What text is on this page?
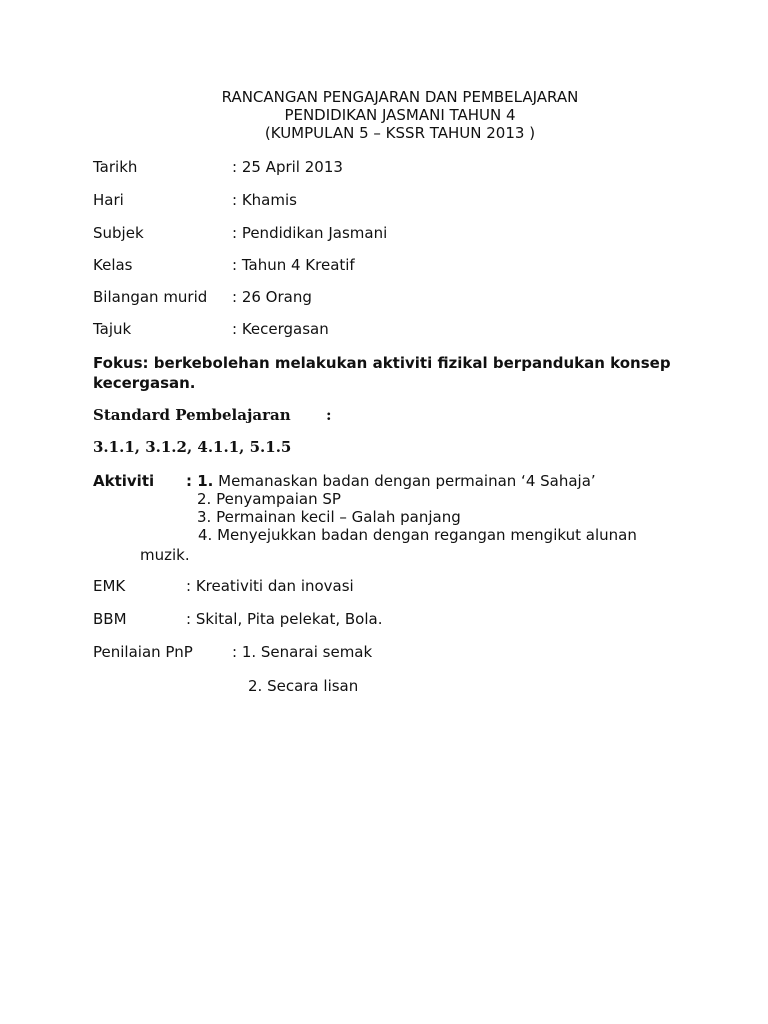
RANCANGAN PENGAJARAN DAN PEMBELAJARAN
PENDIDIKAN JASMANI TAHUN 4
(KUMPULAN 5 – KSSR TAHUN 2013 )
Tarikh	: 25 April 2013
Hari	: Khamis
Subjek	: Pendidikan Jasmani
Kelas	: Tahun 4 Kreatif
Bilangan murid : 26 Orang
Tajuk	: Kecergasan
Fokus: berkebolehan melakukan aktiviti fizikal berpandukan konsep
kecergasan.
Standard Pembelajaran :
3.1.1, 3.1.2, 4.1.1, 5.1.5
Aktiviti : 1. Memanaskan badan dengan permainan ‘4 Sahaja’
2. Penyampaian SP
3. Permainan kecil – Galah panjang
4. Menyejukkan badan dengan regangan mengikut alunan
muzik.
EMK	: Kreativiti dan inovasi
BBM	: Skital, Pita pelekat, Bola.
Penilaian PnP	: 1. Senarai semak
2. Secara lisan
